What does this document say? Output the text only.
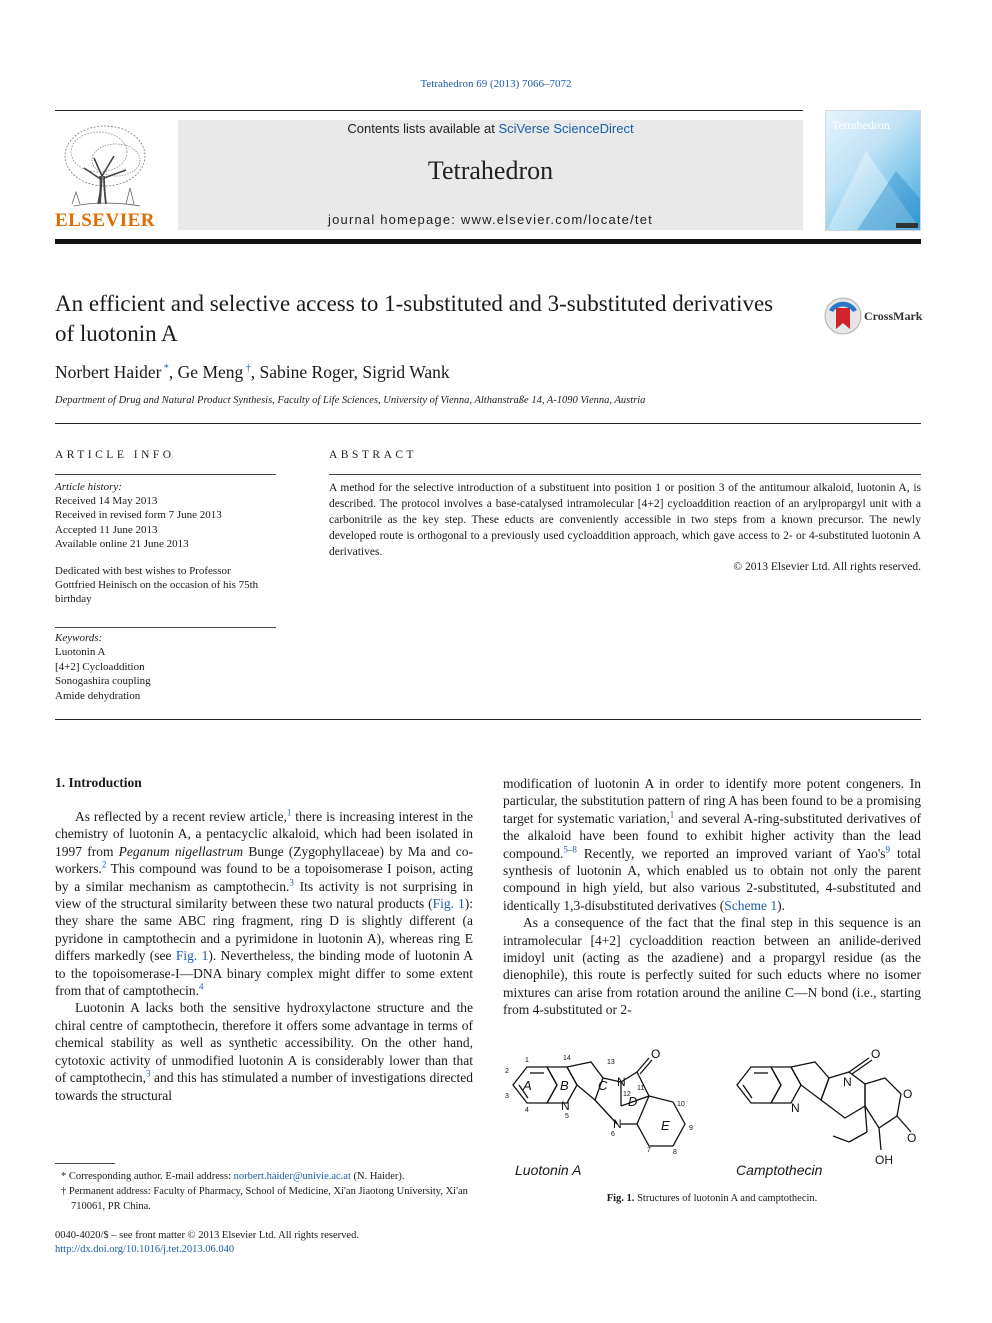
Tetrahedron 69 (2013) 7066–7072
ELSEVIER
Contents lists available at SciVerse ScienceDirect
Tetrahedron
journal homepage: www.elsevier.com/locate/tet
Tetrahedron
An efficient and selective access to 1-substituted and 3-substituted derivatives of luotonin A
CrossMark
Norbert Haider *, Ge Meng †, Sabine Roger, Sigrid Wank
Department of Drug and Natural Product Synthesis, Faculty of Life Sciences, University of Vienna, Althanstraße 14, A-1090 Vienna, Austria
ARTICLE INFO	ABSTRACT
Article history:
Received 14 May 2013
Received in revised form 7 June 2013
Accepted 11 June 2013
Available online 21 June 2013
Dedicated with best wishes to Professor Gottfried Heinisch on the occasion of his 75th birthday
Keywords:
Luotonin A
[4+2] Cycloaddition
Sonogashira coupling
Amide dehydration
A method for the selective introduction of a substituent into position 1 or position 3 of the antitumour alkaloid, luotonin A, is described. The protocol involves a base-catalysed intramolecular [4+2] cycloaddition reaction of an arylpropargyl unit with a carbonitrile as the key step. These educts are conveniently accessible in two steps from a known precursor. The newly developed route is orthogonal to a previously used cycloaddition approach, which gave access to 2- or 4-substituted luotonin A derivatives.
© 2013 Elsevier Ltd. All rights reserved.
1. Introduction

As reflected by a recent review article,$^1$ there is increasing interest in the chemistry of luotonin A, a pentacyclic alkaloid, which had been isolated in 1997 from Peganum nigellastrum Bunge (Zygophyllaceae) by Ma and co-workers.$^2$ This compound was found to be a topoisomerase I poison, acting by a similar mechanism as camptothecin.$^3$ Its activity is not surprising in view of the structural similarity between these two natural products (Fig. 1): they share the same ABC ring fragment, ring D is slightly different (a pyridone in camptothecin and a pyrimidone in luotonin A), whereas ring E differs markedly (see Fig. 1). Nevertheless, the binding mode of luotonin A to the topoisomerase-I—DNA binary complex might differ to some extent from that of camptothecin.$^4$

Luotonin A lacks both the sensitive hydroxylactone structure and the chiral centre of camptothecin, therefore it offers some advantage in terms of chemical stability as well as synthetic accessibility. On the other hand, cytotoxic activity of unmodified luotonin A is considerably lower than that of camptothecin,$^3$ and this has stimulated a number of investigations directed towards the structural

modification of luotonin A in order to identify more potent congeners. In particular, the substitution pattern of ring A has been found to be a promising target for systematic variation,$^1$ and several A-ring-substituted derivatives of the alkaloid have been found to exhibit higher activity than the lead compound.$^{5-8}$ Recently, we reported an improved variant of $Yao's^9$ total synthesis of luotonin A, which enabled us to obtain not only the parent compound in high yield, but also various 2-substituted, 4-substituted and identically 1,3-disubstituted derivatives (Scheme 1).

As a consequence of the fact that the final step in this sequence is an intramolecular [4+2] cycloaddition reaction between an anilide-derived imidoyl unit (acting as the azadiene) and a propargyl residue (as the dienophile), this route is perfectly suited for such educts where no isomer mixtures can arise from rotation around the aniline C—N bond (i.e., starting from 4-substituted or 2-

A B C
D
E
1
2
3
4
5
6
7	8
9
10
11
12
13
14
N
N
N
O
N
N
O
O
O
OH
Luotonin A	Camptothecin
Fig. 1. Structures of luotonin A and camptothecin.
* Corresponding author. E-mail address: norbert.haider@univie.ac.at (N. Haider).
† Permanent address: Faculty of Pharmacy, School of Medicine, Xi'an Jiaotong University, Xi'an 710061, PR China.
0040-4020/$ – see front matter © 2013 Elsevier Ltd. All rights reserved.
http://dx.doi.org/10.1016/j.tet.2013.06.040
